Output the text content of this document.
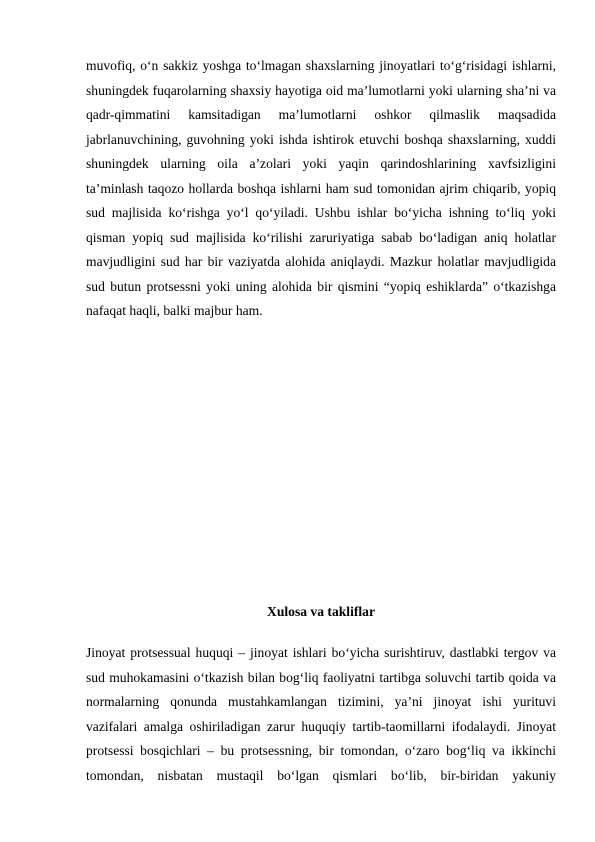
muvofiq, o‘n sakkiz yoshga to‘lmagan shaxslarning jinoyatlari to‘g‘risidagi ishlarni, shuningdek fuqarolarning shaxsiy hayotiga oid ma’lumotlarni yoki ularning sha’ni va qadr-qimmatini kamsitadigan ma’lumotlarni oshkor qilmaslik maqsadida jabrlanuvchining, guvohning yoki ishda ishtirok etuvchi boshqa shaxslarning, xuddi shuningdek ularning oila a’zolari yoki yaqin qarindoshlarining xavfsizligini ta’minlash taqozo hollarda boshqa ishlarni ham sud tomonidan ajrim chiqarib, yopiq sud majlisida ko‘rishga yo‘l qo‘yiladi. Ushbu ishlar bo‘yicha ishning to‘liq yoki qisman yopiq sud majlisida ko‘rilishi zaruriyatiga sabab bo‘ladigan aniq holatlar mavjudligini sud har bir vaziyatda alohida aniqlaydi. Mazkur holatlar mavjudligida sud butun protsessni yoki uning alohida bir qismini “yopiq eshiklarda” o‘tkazishga nafaqat haqli, balki majbur ham.

Xulosa va takliflar

Jinoyat protsessual huquqi – jinoyat ishlari bo‘yicha surishtiruv, dastlabki tergov va sud muhokamasini o‘tkazish bilan bog‘liq faoliyatni tartibga soluvchi tartib qoida va normalarning qonunda mustahkamlangan tizimini, ya’ni jinoyat ishi yurituvi vazifalari amalga oshiriladigan zarur huquqiy tartib-taomillarni ifodalaydi. Jinoyat protsessi bosqichlari – bu protsessning, bir tomondan, o‘zaro bog‘liq va ikkinchi tomondan, nisbatan mustaqil bo‘lgan qismlari bo‘lib, bir-biridan yakuniy
